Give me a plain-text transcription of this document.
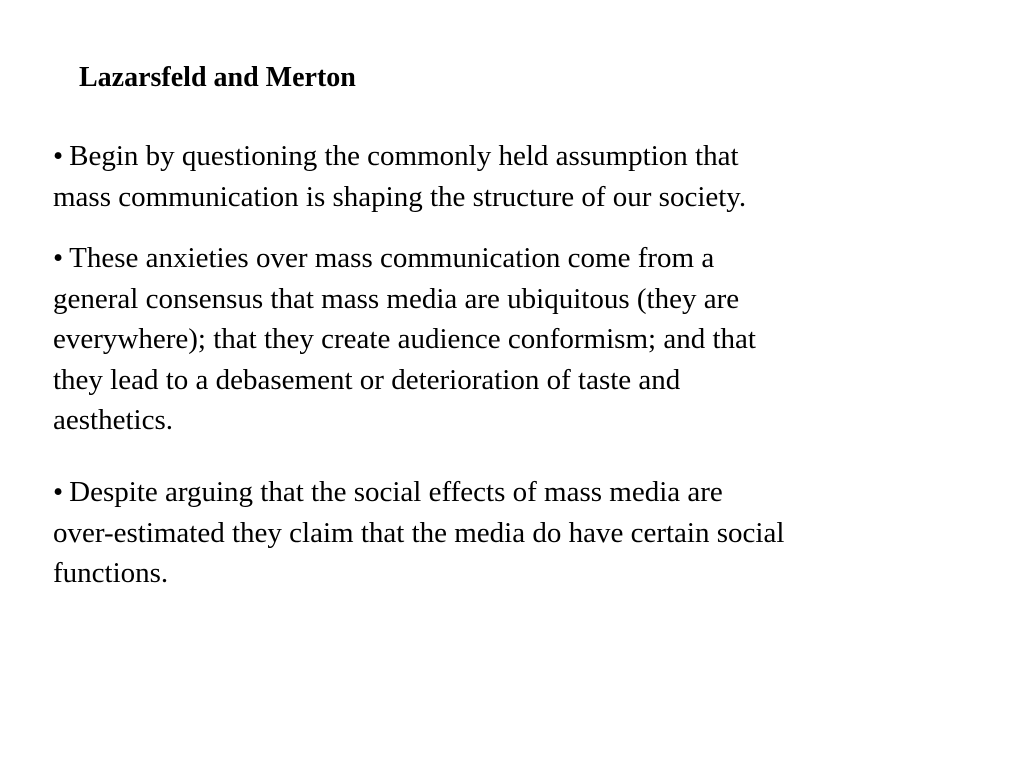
Lazarsfeld and Merton

• Begin by questioning the commonly held assumption that
mass communication is shaping the structure of our society.

• These anxieties over mass communication come from a
general consensus that mass media are ubiquitous (they are
everywhere); that they create audience conformism; and that
they lead to a debasement or deterioration of taste and
aesthetics.

• Despite arguing that the social effects of mass media are
over-estimated they claim that the media do have certain social
functions.
